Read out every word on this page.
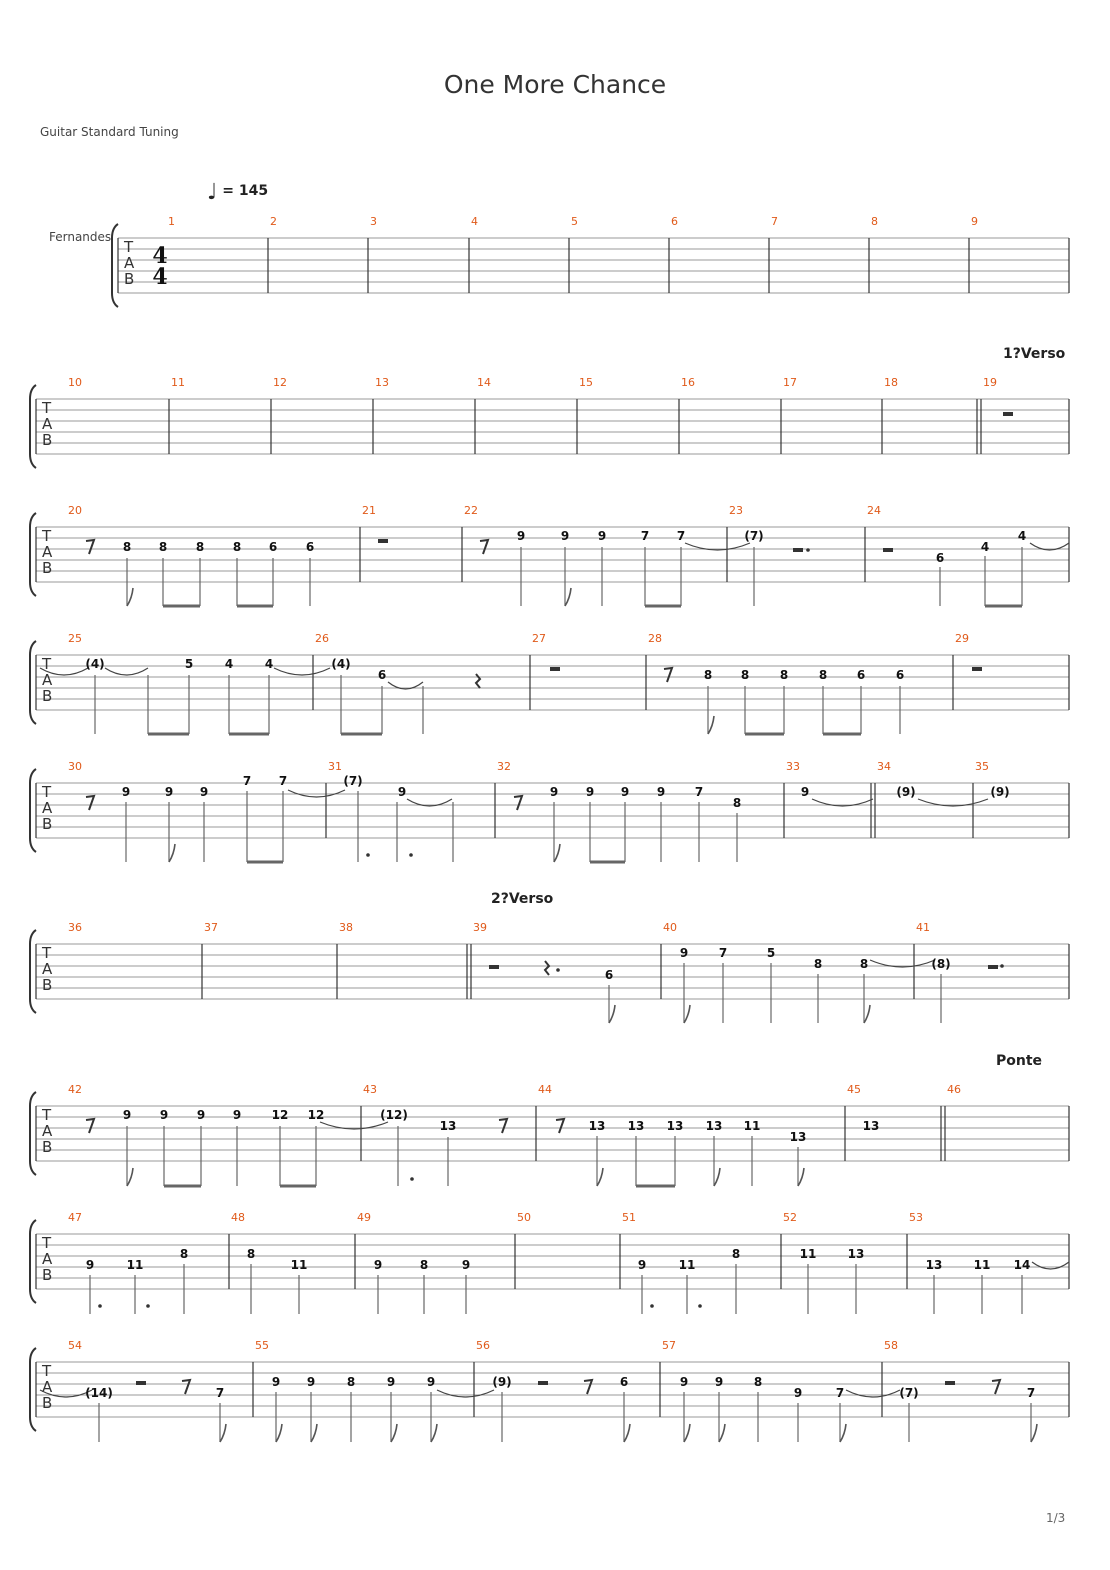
One More Chance
Guitar Standard Tuning
Fernandes
♩ = 145
1?Verso
2?Verso
Ponte
1/3
T
A
B
1	2	3	4	5	6	7	8	9
T
A
B
10	11	12	13	14	15	16	17	18	19
T
A
B
20	21	22	23	24
T
A
B
25	26	27	28	29
T
A
B
30	31	32	33	34	35
T
A
B
36	37	38	39	40	41
T
A
B
42	43	44	45	46
T
A
B
47	48	49	50	51	52	53
T
A
B
54	55	56	57	58
4
4
8 8 8 8 6 6
9	9 9	7 7	(7)
6
4
4
(4)	5	4	4	(4)
6	8 8	8	8 6	6
9	9 9
7 7	(7)
9	9 9 9 9 7
8
9	(9)	(9)
6
9	7	5
8	8	(8)
9 9 9 9	12 12	(12)
13	13 13 13 13 11
13
13
9	11
8	8
11	9	8	9	9	11
8	11	13
13	11 14
(14)	7
9 9	8	9	9	(9)	6	9 9	8
9	7	(7)	7
